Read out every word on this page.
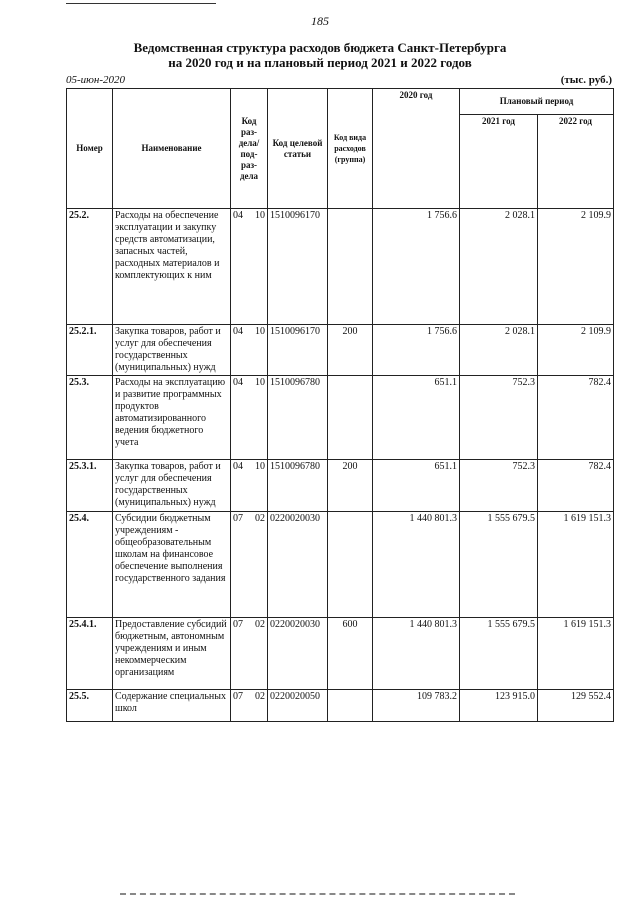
185
Ведомственная структура расходов бюджета Санкт-Петербурга
на 2020 год и на плановый период 2021 и 2022 годов
05-июн-2020	(тыс. руб.)
Номер	Наименование	Код раз-дела/ под-раз-дела	Код целевой статьи	Код вида расходов (группа)	2020 год	Плановый период	
						2021 год	2022 год
25.2.	Расходы на обеспечение эксплуатации и закупку средств автоматизации, запасных частей, расходных материалов и комплектующих к ним	04 10	1510096170		1 756.6	2 028.1	2 109.9
25.2.1.	Закупка товаров, работ и услуг для обеспечения государственных (муниципальных) нужд	04 10	1510096170	200	1 756.6	2 028.1	2 109.9
25.3.	Расходы на эксплуатацию и развитие программных продуктов автоматизированного ведения бюджетного учета	04 10	1510096780		651.1	752.3	782.4
25.3.1.	Закупка товаров, работ и услуг для обеспечения государственных (муниципальных) нужд	04 10	1510096780	200	651.1	752.3	782.4
25.4.	Субсидии бюджетным учреждениям - общеобразовательным школам на финансовое обеспечение выполнения государственного задания	07 02	0220020030		1 440 801.3	1 555 679.5	1 619 151.3
25.4.1.	Предоставление субсидий бюджетным, автономным учреждениям и иным некоммерческим организациям	07 02	0220020030	600	1 440 801.3	1 555 679.5	1 619 151.3
25.5.	Содержание специальных школ	07 02	0220020050		109 783.2	123 915.0	129 552.4
